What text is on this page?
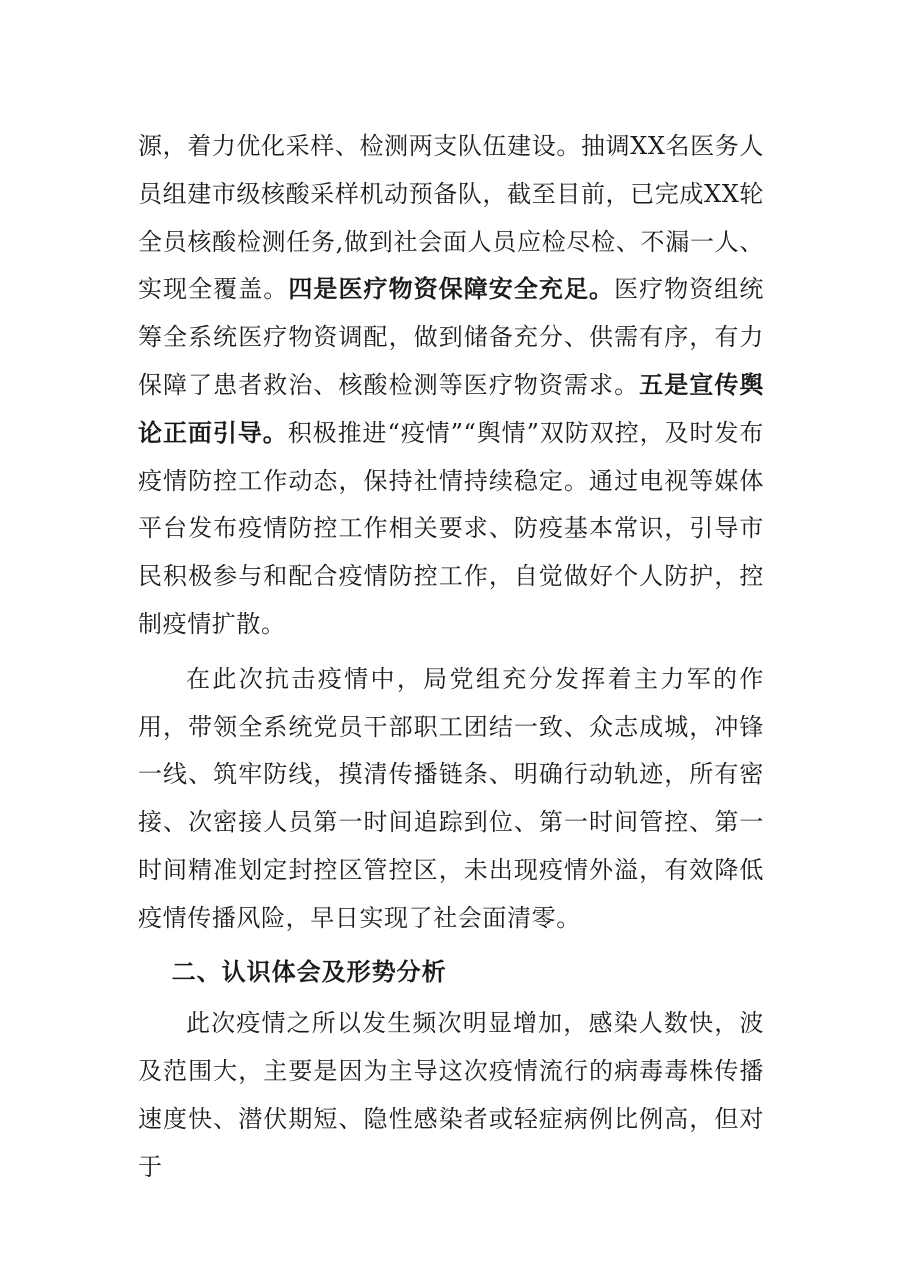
源，着力优化采样、检测两支队伍建设。抽调XX名医务人员组建市级核酸采样机动预备队，截至目前，已完成XX轮全员核酸检测任务,做到社会面人员应检尽检、不漏一人、实现全覆盖。四是医疗物资保障安全充足。医疗物资组统筹全系统医疗物资调配，做到储备充分、供需有序，有力保障了患者救治、核酸检测等医疗物资需求。五是宣传舆论正面引导。积极推进“疫情”“舆情”双防双控，及时发布疫情防控工作动态，保持社情持续稳定。通过电视等媒体平台发布疫情防控工作相关要求、防疫基本常识，引导市民积极参与和配合疫情防控工作，自觉做好个人防护，控制疫情扩散。

在此次抗击疫情中，局党组充分发挥着主力军的作用，带领全系统党员干部职工团结一致、众志成城，冲锋一线、筑牢防线，摸清传播链条、明确行动轨迹，所有密接、次密接人员第一时间追踪到位、第一时间管控、第一时间精准划定封控区管控区，未出现疫情外溢，有效降低疫情传播风险，早日实现了社会面清零。

二、认识体会及形势分析

此次疫情之所以发生频次明显增加，感染人数快，波及范围大，主要是因为主导这次疫情流行的病毒毒株传播速度快、潜伏期短、隐性感染者或轻症病例比例高，但对于
